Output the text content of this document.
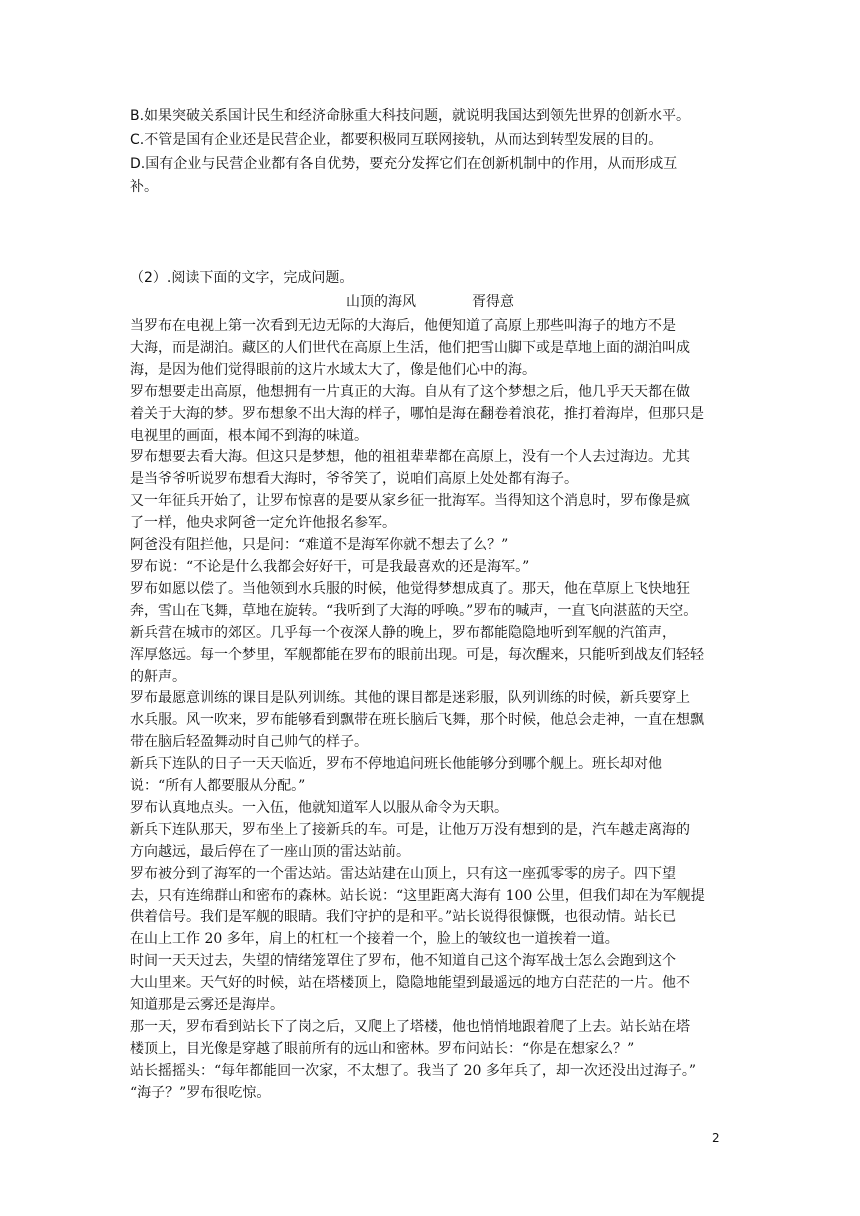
B.如果突破关系国计民生和经济命脉重大科技问题，就说明我国达到领先世界的创新水平。

C.不管是国有企业还是民营企业，都要积极同互联网接轨，从而达到转型发展的目的。

D.国有企业与民营企业都有各自优势，要充分发挥它们在创新机制中的作用，从而形成互

补。

（2）.阅读下面的文字，完成问题。

山顶的海风	胥得意

当罗布在电视上第一次看到无边无际的大海后，他便知道了高原上那些叫海子的地方不是

大海，而是湖泊。藏区的人们世代在高原上生活，他们把雪山脚下或是草地上面的湖泊叫成

海，是因为他们觉得眼前的这片水域太大了，像是他们心中的海。

罗布想要走出高原，他想拥有一片真正的大海。自从有了这个梦想之后，他几乎天天都在做

着关于大海的梦。罗布想象不出大海的样子，哪怕是海在翻卷着浪花，推打着海岸，但那只是

电视里的画面，根本闻不到海的味道。

罗布想要去看大海。但这只是梦想，他的祖祖辈辈都在高原上，没有一个人去过海边。尤其

是当爷爷听说罗布想看大海时，爷爷笑了，说咱们高原上处处都有海子。

又一年征兵开始了，让罗布惊喜的是要从家乡征一批海军。当得知这个消息时，罗布像是疯

了一样，他央求阿爸一定允许他报名参军。

阿爸没有阻拦他，只是问：“难道不是海军你就不想去了么？”

罗布说：“不论是什么我都会好好干，可是我最喜欢的还是海军。”

罗布如愿以偿了。当他领到水兵服的时候，他觉得梦想成真了。那天，他在草原上飞快地狂

奔，雪山在飞舞，草地在旋转。“我听到了大海的呼唤。”罗布的喊声，一直飞向湛蓝的天空。

新兵营在城市的郊区。几乎每一个夜深人静的晚上，罗布都能隐隐地听到军舰的汽笛声，

浑厚悠远。每一个梦里，军舰都能在罗布的眼前出现。可是，每次醒来，只能听到战友们轻轻

的鼾声。

罗布最愿意训练的课目是队列训练。其他的课目都是迷彩服，队列训练的时候，新兵要穿上

水兵服。风一吹来，罗布能够看到飘带在班长脑后飞舞，那个时候，他总会走神，一直在想飘

带在脑后轻盈舞动时自己帅气的样子。

新兵下连队的日子一天天临近，罗布不停地追问班长他能够分到哪个舰上。班长却对他

说：“所有人都要服从分配。”

罗布认真地点头。一入伍，他就知道军人以服从命令为天职。

新兵下连队那天，罗布坐上了接新兵的车。可是，让他万万没有想到的是，汽车越走离海的

方向越远，最后停在了一座山顶的雷达站前。

罗布被分到了海军的一个雷达站。雷达站建在山顶上，只有这一座孤零零的房子。四下望

去，只有连绵群山和密布的森林。站长说：“这里距离大海有 100 公里，但我们却在为军舰提

供着信号。我们是军舰的眼睛。我们守护的是和平。”站长说得很慷慨，也很动情。站长已

在山上工作 20 多年，肩上的杠杠一个接着一个，脸上的皱纹也一道挨着一道。

时间一天天过去，失望的情绪笼罩住了罗布，他不知道自己这个海军战士怎么会跑到这个

大山里来。天气好的时候，站在塔楼顶上，隐隐地能望到最遥远的地方白茫茫的一片。他不

知道那是云雾还是海岸。

那一天，罗布看到站长下了岗之后，又爬上了塔楼，他也悄悄地跟着爬了上去。站长站在塔

楼顶上，目光像是穿越了眼前所有的远山和密林。罗布问站长：“你是在想家么？”

站长摇摇头：“每年都能回一次家，不太想了。我当了 20 多年兵了，却一次还没出过海子。”

“海子？”罗布很吃惊。

2
